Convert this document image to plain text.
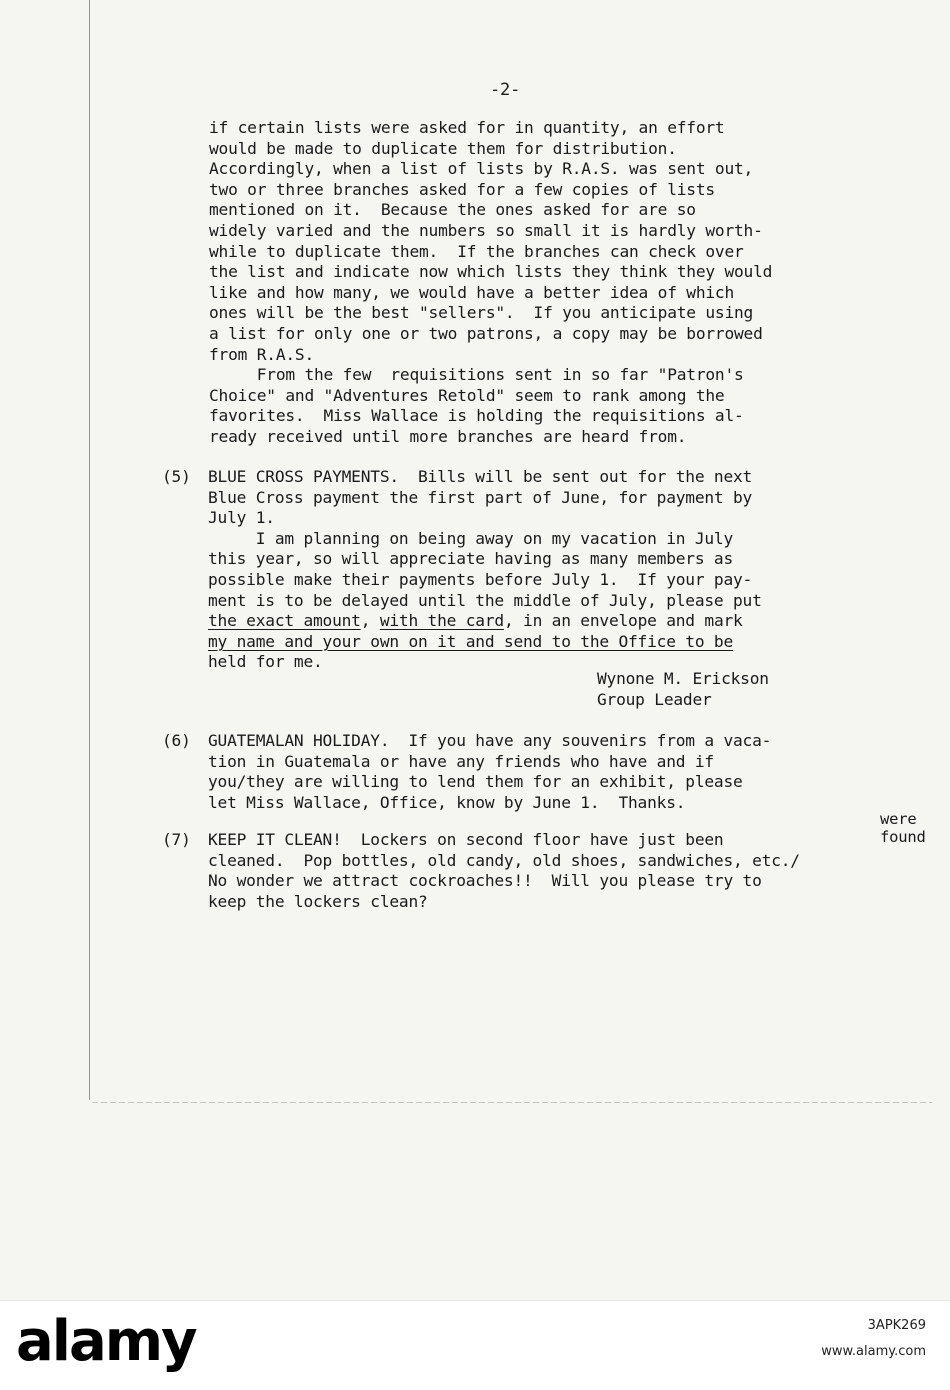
-2-
if certain lists were asked for in quantity, an effort
would be made to duplicate them for distribution.
Accordingly, when a list of lists by R.A.S. was sent out,
two or three branches asked for a few copies of lists
mentioned on it.  Because the ones asked for are so
widely varied and the numbers so small it is hardly worth-
while to duplicate them.  If the branches can check over
the list and indicate now which lists they think they would
like and how many, we would have a better idea of which
ones will be the best "sellers".  If you anticipate using
a list for only one or two patrons, a copy may be borrowed
from R.A.S.
From the few  requisitions sent in so far "Patron's
Choice" and "Adventures Retold" seem to rank among the
favorites.  Miss Wallace is holding the requisitions al-
ready received until more branches are heard from.
(5) BLUE CROSS PAYMENTS.  Bills will be sent out for the next
Blue Cross payment the first part of June, for payment by
July 1.
I am planning on being away on my vacation in July
this year, so will appreciate having as many members as
possible make their payments before July 1.  If your pay-
ment is to be delayed until the middle of July, please put
the exact amount, with the card, in an envelope and mark
my name and your own on it and send to the Office to be
held for me.
Wynone M. Erickson
Group Leader
(6) GUATEMALAN HOLIDAY.  If you have any souvenirs from a vaca-
tion in Guatemala or have any friends who have and if
you/they are willing to lend them for an exhibit, please
let Miss Wallace, Office, know by June 1.  Thanks.
were
found
(7) KEEP IT CLEAN!  Lockers on second floor have just been
cleaned.  Pop bottles, old candy, old shoes, sandwiches, etc./
No wonder we attract cockroaches!!  Will you please try to
keep the lockers clean?
alamy	3APK269
www.alamy.com
